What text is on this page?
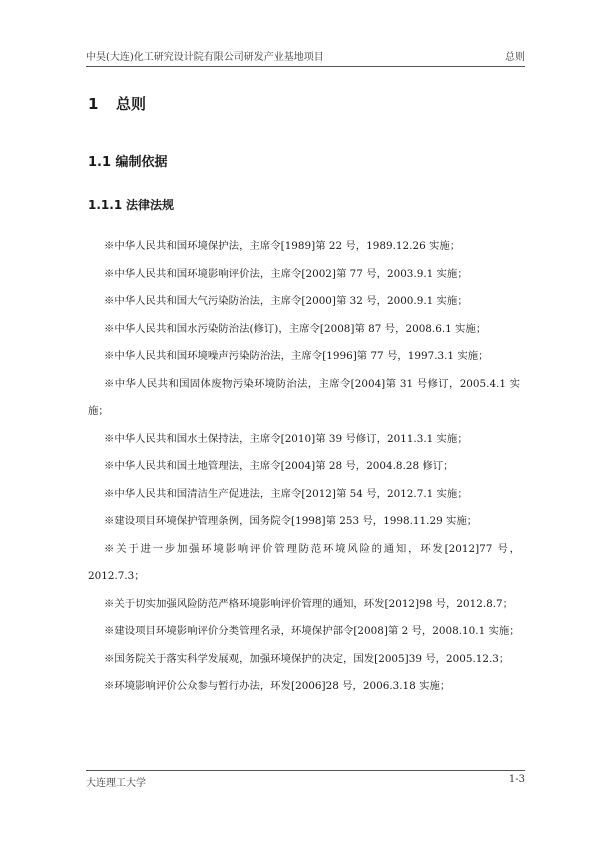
中昊(大连)化工研究设计院有限公司研发产业基地项目	总则
1 总则
1.1 编制依据
1.1.1 法律法规

※中华人民共和国环境保护法，主席令[1989]第 22 号，1989.12.26 实施；

※中华人民共和国环境影响评价法，主席令[2002]第 77 号，2003.9.1 实施；

※中华人民共和国大气污染防治法，主席令[2000]第 32 号，2000.9.1 实施；

※中华人民共和国水污染防治法(修订)，主席令[2008]第 87 号，2008.6.1 实施；

※中华人民共和国环境噪声污染防治法，主席令[1996]第 77 号，1997.3.1 实施；

※中华人民共和国固体废物污染环境防治法，主席令[2004]第 31 号修订，2005.4.1 实施；

※中华人民共和国水土保持法，主席令[2010]第 39 号修订，2011.3.1 实施；

※中华人民共和国土地管理法，主席令[2004]第 28 号，2004.8.28 修订；

※中华人民共和国清洁生产促进法，主席令[2012]第 54 号，2012.7.1 实施；

※建设项目环境保护管理条例，国务院令[1998]第 253 号，1998.11.29 实施；

※关于进一步加强环境影响评价管理防范环境风险的通知，环发[2012]77 号，2012.7.3；

※关于切实加强风险防范严格环境影响评价管理的通知，环发[2012]98 号，2012.8.7；

※建设项目环境影响评价分类管理名录，环境保护部令[2008]第 2 号，2008.10.1 实施；

※国务院关于落实科学发展观，加强环境保护的决定，国发[2005]39 号，2005.12.3；

※环境影响评价公众参与暂行办法，环发[2006]28 号，2006.3.18 实施；

大连理工大学	1-3
